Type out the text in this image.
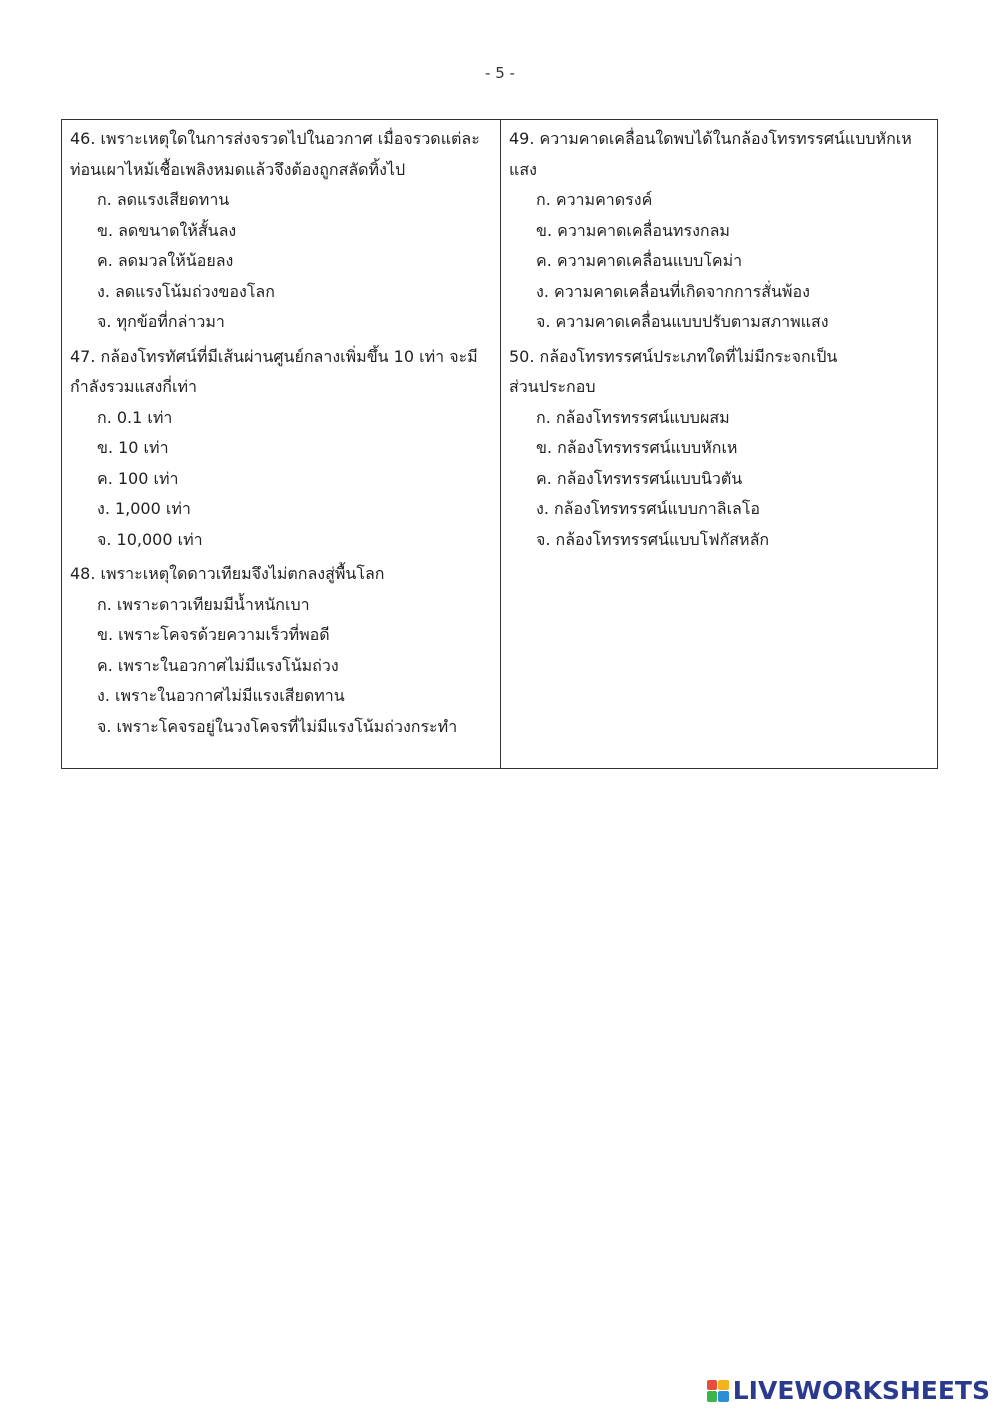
- 5 -
46. เพราะเหตุใดในการส่งจรวดไปในอวกาศ เมื่อจรวดแต่ละ
ท่อนเผาไหม้เชื้อเพลิงหมดแล้วจึงต้องถูกสลัดทิ้งไป
ก. ลดแรงเสียดทาน
ข. ลดขนาดให้สั้นลง
ค. ลดมวลให้น้อยลง
ง. ลดแรงโน้มถ่วงของโลก
จ. ทุกข้อที่กล่าวมา
47. กล้องโทรทัศน์ที่มีเส้นผ่านศูนย์กลางเพิ่มขึ้น 10 เท่า จะมี
กำลังรวมแสงกี่เท่า
ก. 0.1 เท่า
ข. 10 เท่า
ค. 100 เท่า
ง. 1,000 เท่า
จ. 10,000 เท่า
48. เพราะเหตุใดดาวเทียมจึงไม่ตกลงสู่พื้นโลก
ก. เพราะดาวเทียมมีน้ำหนักเบา
ข. เพราะโคจรด้วยความเร็วที่พอดี
ค. เพราะในอวกาศไม่มีแรงโน้มถ่วง
ง. เพราะในอวกาศไม่มีแรงเสียดทาน
จ. เพราะโคจรอยู่ในวงโคจรที่ไม่มีแรงโน้มถ่วงกระทำ
49. ความคาดเคลื่อนใดพบได้ในกล้องโทรทรรศน์แบบหักเห
แสง
ก. ความคาดรงค์
ข. ความคาดเคลื่อนทรงกลม
ค. ความคาดเคลื่อนแบบโคม่า
ง. ความคาดเคลื่อนที่เกิดจากการสั่นพ้อง
จ. ความคาดเคลื่อนแบบปรับตามสภาพแสง
50. กล้องโทรทรรศน์ประเภทใดที่ไม่มีกระจกเป็น
ส่วนประกอบ
ก. กล้องโทรทรรศน์แบบผสม
ข. กล้องโทรทรรศน์แบบหักเห
ค. กล้องโทรทรรศน์แบบนิวตัน
ง. กล้องโทรทรรศน์แบบกาลิเลโอ
จ. กล้องโทรทรรศน์แบบโฟกัสหลัก
LIVEWORKSHEETS
